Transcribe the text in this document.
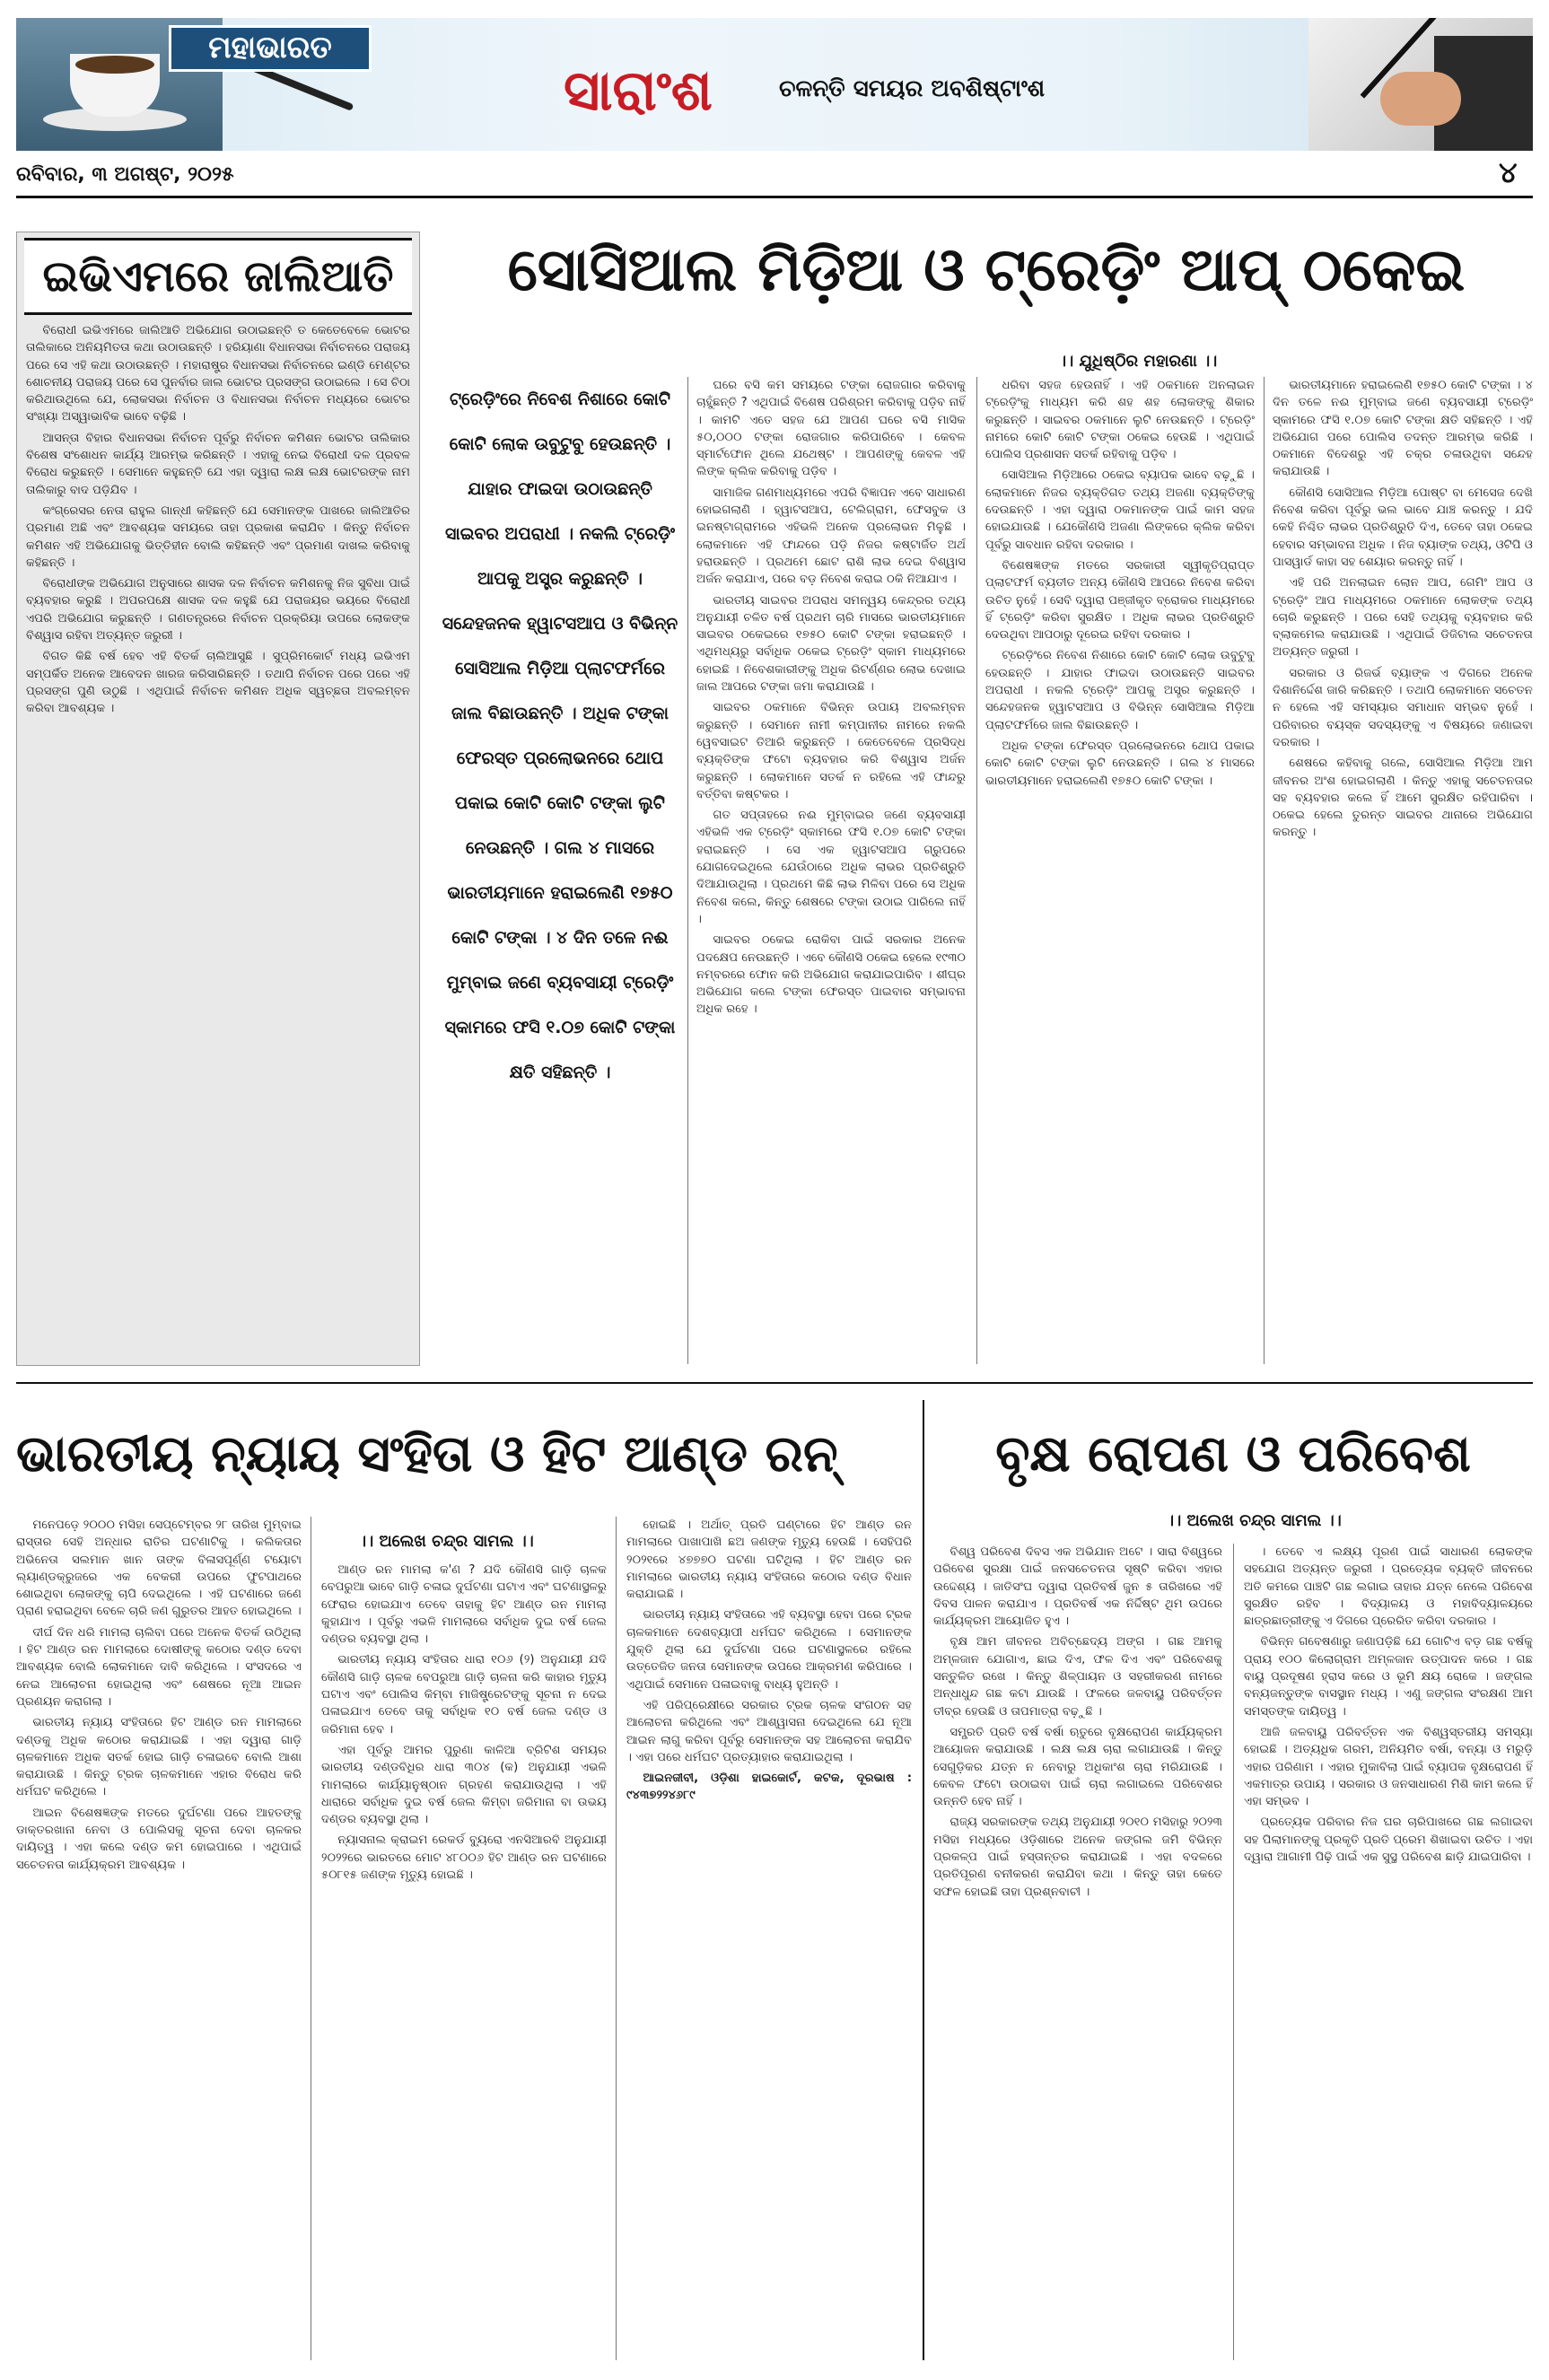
ମହାଭାରତ
ସାରାଂଶ	ଚଳନ୍ତି ସମୟର ଅବଶିଷ୍ଟାଂଶ
ରବିବାର, ୩ ଅଗଷ୍ଟ, ୨୦୨୫	୪
ଇଭିଏମରେ ଜାଲିଆତି

ବିରୋଧୀ ଇଭିଏମରେ ଜାଲିଆତି ଅଭିଯୋଗ ଉଠାଇଛନ୍ତି ତ କେତେବେଳେ ଭୋଟର ତାଲିକାରେ ଅନିୟମିତତା କଥା ଉଠାଉଛନ୍ତି । ହରିୟାଣା ବିଧାନସଭା ନିର୍ବାଚନରେ ପରାଜୟ ପରେ ସେ ଏହି କଥା ଉଠାଉଛନ୍ତି । ମହାରାଷ୍ଟ୍ର ବିଧାନସଭା ନିର୍ବାଚନରେ ଇଣ୍ଡି ମେଣ୍ଟର ଶୋଚନୀୟ ପରାଜୟ ପରେ ସେ ପୁନର୍ବାର ଜାଲ ଭୋଟର ପ୍ରସଙ୍ଗ ଉଠାଇଲେ । ସେ ଚିଠା କରିଥାଉଥିଲେ ଯେ, ଲୋକସଭା ନିର୍ବାଚନ ଓ ବିଧାନସଭା ନିର୍ବାଚନ ମଧ୍ୟରେ ଭୋଟର ସଂଖ୍ୟା ଅସ୍ୱାଭାବିକ ଭାବେ ବଢ଼ିଛି ।

ଆସନ୍ତା ବିହାର ବିଧାନସଭା ନିର୍ବାଚନ ପୂର୍ବରୁ ନିର୍ବାଚନ କମିଶନ ଭୋଟର ତାଲିକାର ବିଶେଷ ସଂଶୋଧନ କାର୍ଯ୍ୟ ଆରମ୍ଭ କରିଛନ୍ତି । ଏହାକୁ ନେଇ ବିରୋଧୀ ଦଳ ପ୍ରବଳ ବିରୋଧ କରୁଛନ୍ତି । ସେମାନେ କହୁଛନ୍ତି ଯେ ଏହା ଦ୍ୱାରା ଲକ୍ଷ ଲକ୍ଷ ଭୋଟରଙ୍କ ନାମ ତାଲିକାରୁ ବାଦ ପଡ଼ିଯିବ ।

କଂଗ୍ରେସର ନେତା ରାହୁଲ ଗାନ୍ଧୀ କହିଛନ୍ତି ଯେ ସେମାନଙ୍କ ପାଖରେ ଜାଲିଆତିର ପ୍ରମାଣ ଅଛି ଏବଂ ଆବଶ୍ୟକ ସମୟରେ ତାହା ପ୍ରକାଶ କରାଯିବ । କିନ୍ତୁ ନିର୍ବାଚନ କମିଶନ ଏହି ଅଭିଯୋଗକୁ ଭିତ୍ତିହୀନ ବୋଲି କହିଛନ୍ତି ଏବଂ ପ୍ରମାଣ ଦାଖଲ କରିବାକୁ କହିଛନ୍ତି ।

ବିରୋଧୀଙ୍କ ଅଭିଯୋଗ ଅନୁସାରେ ଶାସକ ଦଳ ନିର୍ବାଚନ କମିଶନକୁ ନିଜ ସୁବିଧା ପାଇଁ ବ୍ୟବହାର କରୁଛି । ଅପରପକ୍ଷେ ଶାସକ ଦଳ କହୁଛି ଯେ ପରାଜୟର ଭୟରେ ବିରୋଧୀ ଏପରି ଅଭିଯୋଗ କରୁଛନ୍ତି । ଗଣତନ୍ତ୍ରରେ ନିର୍ବାଚନ ପ୍ରକ୍ରିୟା ଉପରେ ଲୋକଙ୍କ ବିଶ୍ୱାସ ରହିବା ଅତ୍ୟନ୍ତ ଜରୁରୀ ।

ବିଗତ କିଛି ବର୍ଷ ହେବ ଏହି ବିତର୍କ ଚାଲିଆସୁଛି । ସୁପ୍ରିମକୋର୍ଟ ମଧ୍ୟ ଇଭିଏମ ସମ୍ପର୍କିତ ଅନେକ ଆବେଦନ ଖାରଜ କରିସାରିଛନ୍ତି । ତଥାପି ନିର୍ବାଚନ ପରେ ପରେ ଏହି ପ୍ରସଙ୍ଗ ପୁଣି ଉଠୁଛି । ଏଥିପାଇଁ ନିର୍ବାଚନ କମିଶନ ଅଧିକ ସ୍ୱଚ୍ଛତା ଅବଲମ୍ବନ କରିବା ଆବଶ୍ୟକ ।

ସୋସିଆଲ ମିଡ଼ିଆ ଓ ଟ୍ରେଡ଼ିଂ ଆପ୍ ଠକେଇ
।। ଯୁଧିଷ୍ଠିର ମହାରଣା ।।
ଟ୍ରେଡ଼ିଂରେ ନିବେଶ ନିଶାରେ କୋଟି କୋଟି ଲୋକ ଉବୁଟୁବୁ ହେଉଛନ୍ତି । ଯାହାର ଫାଇଦା ଉଠାଉଛନ୍ତି ସାଇବର ଅପରାଧୀ । ନକଲି ଟ୍ରେଡ଼ିଂ ଆପକୁ ଅସ୍ତ୍ର କରୁଛନ୍ତି । ସନ୍ଦେହଜନକ ହ୍ୱାଟସଆପ ଓ ବିଭିନ୍ନ ସୋସିଆଲ ମିଡ଼ିଆ ପ୍ଲାଟଫର୍ମରେ ଜାଲ ବିଛାଉଛନ୍ତି । ଅଧିକ ଟଙ୍କା ଫେରସ୍ତ ପ୍ରଲୋଭନରେ ଥୋପ ପକାଇ କୋଟି କୋଟି ଟଙ୍କା ଲୁଟି ନେଉଛନ୍ତି । ଗଲ ୪ ମାସରେ ଭାରତୀୟମାନେ ହରାଇଲେଣି ୧୭୫୦ କୋଟି ଟଙ୍କା । ୪ ଦିନ ତଳେ ନଈ ମୁମ୍ବାଇ ଜଣେ ବ୍ୟବସାୟୀ ଟ୍ରେଡ଼ିଂ ସ୍କାମରେ ଫସି ୧.୦୭ କୋଟି ଟଙ୍କା କ୍ଷତି ସହିଛନ୍ତି ।

ଘରେ ବସି କମ ସମୟରେ ଟଙ୍କା ରୋଜଗାର କରିବାକୁ ଚାହୁଁଛନ୍ତି ? ଏଥିପାଇଁ ବିଶେଷ ପରିଶ୍ରମ କରିବାକୁ ପଡ଼ିବ ନାହିଁ । କାମଟି ଏତେ ସହଜ ଯେ ଆପଣ ଘରେ ବସି ମାସିକ ୫୦,୦୦୦ ଟଙ୍କା ରୋଜଗାର କରିପାରିବେ । କେବଳ ସ୍ମାର୍ଟଫୋନ ଥିଲେ ଯଥେଷ୍ଟ । ଆପଣଙ୍କୁ କେବଳ ଏହି ଲିଙ୍କ କ୍ଲିକ କରିବାକୁ ପଡ଼ିବ ।

ସାମାଜିକ ଗଣମାଧ୍ୟମରେ ଏପରି ବିଜ୍ଞାପନ ଏବେ ସାଧାରଣ ହୋଇଗଲାଣି । ହ୍ୱାଟସଆପ, ଟେଲିଗ୍ରାମ, ଫେସବୁକ ଓ ଇନଷ୍ଟାଗ୍ରାମରେ ଏହିଭଳି ଅନେକ ପ୍ରଲୋଭନ ମିଳୁଛି । ଲୋକମାନେ ଏହି ଫାନ୍ଦରେ ପଡ଼ି ନିଜର କଷ୍ଟାର୍ଜିତ ଅର୍ଥ ହରାଉଛନ୍ତି । ପ୍ରଥମେ ଛୋଟ ରାଶି ଲାଭ ଦେଇ ବିଶ୍ୱାସ ଅର୍ଜନ କରାଯାଏ, ପରେ ବଡ଼ ନିବେଶ କରାଇ ଠକି ନିଆଯାଏ ।

ଭାରତୀୟ ସାଇବର ଅପରାଧ ସମନ୍ୱୟ କେନ୍ଦ୍ରର ତଥ୍ୟ ଅନୁଯାୟୀ ଚଳିତ ବର୍ଷ ପ୍ରଥମ ଚାରି ମାସରେ ଭାରତୀୟମାନେ ସାଇବର ଠକେଇରେ ୧୭୫୦ କୋଟି ଟଙ୍କା ହରାଇଛନ୍ତି । ଏଥିମଧ୍ୟରୁ ସର୍ବାଧିକ ଠକେଇ ଟ୍ରେଡ଼ିଂ ସ୍କାମ ମାଧ୍ୟମରେ ହୋଇଛି । ନିବେଶକାରୀଙ୍କୁ ଅଧିକ ରିଟର୍ଣ୍ଣର ଲୋଭ ଦେଖାଇ ଜାଲ ଆପରେ ଟଙ୍କା ଜମା କରାଯାଉଛି ।

ସାଇବର ଠକମାନେ ବିଭିନ୍ନ ଉପାୟ ଅବଲମ୍ବନ କରୁଛନ୍ତି । ସେମାନେ ନାମୀ କମ୍ପାନୀର ନାମରେ ନକଲି ୱେବସାଇଟ ତିଆରି କରୁଛନ୍ତି । କେତେବେଳେ ପ୍ରସିଦ୍ଧ ବ୍ୟକ୍ତିଙ୍କ ଫଟୋ ବ୍ୟବହାର କରି ବିଶ୍ୱାସ ଅର୍ଜନ କରୁଛନ୍ତି । ଲୋକମାନେ ସତର୍କ ନ ରହିଲେ ଏହି ଫାନ୍ଦରୁ ବର୍ତ୍ତିବା କଷ୍ଟକର ।

ଗତ ସପ୍ତାହରେ ନଈ ମୁମ୍ବାଇର ଜଣେ ବ୍ୟବସାୟୀ ଏହିଭଳି ଏକ ଟ୍ରେଡ଼ିଂ ସ୍କାମରେ ଫସି ୧.୦୭ କୋଟି ଟଙ୍କା ହରାଇଛନ୍ତି । ସେ ଏକ ହ୍ୱାଟସଆପ ଗ୍ରୁପରେ ଯୋଗଦେଇଥିଲେ ଯେଉଁଠାରେ ଅଧିକ ଲାଭର ପ୍ରତିଶ୍ରୁତି ଦିଆଯାଉଥିଲା । ପ୍ରଥମେ କିଛି ଲାଭ ମିଳିବା ପରେ ସେ ଅଧିକ ନିବେଶ କଲେ, କିନ୍ତୁ ଶେଷରେ ଟଙ୍କା ଉଠାଇ ପାରିଲେ ନାହିଁ ।

ସାଇବର ଠକେଇ ରୋକିବା ପାଇଁ ସରକାର ଅନେକ ପଦକ୍ଷେପ ନେଉଛନ୍ତି । ଏବେ କୌଣସି ଠକେଇ ହେଲେ ୧୯୩୦ ନମ୍ବରରେ ଫୋନ କରି ଅଭିଯୋଗ କରାଯାଇପାରିବ । ଶୀଘ୍ର ଅଭିଯୋଗ କଲେ ଟଙ୍କା ଫେରସ୍ତ ପାଇବାର ସମ୍ଭାବନା ଅଧିକ ରହେ ।

ଧରିବା ସହଜ ହେଉନାହିଁ । ଏହି ଠକମାନେ ଅନଲାଇନ ଟ୍ରେଡ଼ିଂକୁ ମାଧ୍ୟମ କରି ଶହ ଶହ ଲୋକଙ୍କୁ ଶିକାର କରୁଛନ୍ତି । ସାଇବର ଠକମାନେ ଲୁଟି ନେଉଛନ୍ତି । ଟ୍ରେଡ଼ିଂ ନାମରେ କୋଟି କୋଟି ଟଙ୍କା ଠକେଇ ହେଉଛି । ଏଥିପାଇଁ ପୋଲିସ ପ୍ରଶାସନ ସତର୍କ ରହିବାକୁ ପଡ଼ିବ ।

ସୋସିଆଲ ମିଡ଼ିଆରେ ଠକେଇ ବ୍ୟାପକ ଭାବେ ବଢ଼ୁଛି । ଲୋକମାନେ ନିଜର ବ୍ୟକ୍ତିଗତ ତଥ୍ୟ ଅଜଣା ବ୍ୟକ୍ତିଙ୍କୁ ଦେଉଛନ୍ତି । ଏହା ଦ୍ୱାରା ଠକମାନଙ୍କ ପାଇଁ କାମ ସହଜ ହୋଇଯାଉଛି । ଯେକୌଣସି ଅଜଣା ଲିଙ୍କରେ କ୍ଲିକ କରିବା ପୂର୍ବରୁ ସାବଧାନ ରହିବା ଦରକାର ।

ବିଶେଷଜ୍ଞଙ୍କ ମତରେ ସରକାରୀ ସ୍ୱୀକୃତିପ୍ରାପ୍ତ ପ୍ଲାଟଫର୍ମ ବ୍ୟତୀତ ଅନ୍ୟ କୌଣସି ଆପରେ ନିବେଶ କରିବା ଉଚିତ ନୁହେଁ । ସେବି ଦ୍ୱାରା ପଞ୍ଜୀକୃତ ବ୍ରୋକର ମାଧ୍ୟମରେ ହିଁ ଟ୍ରେଡ଼ିଂ କରିବା ସୁରକ୍ଷିତ । ଅଧିକ ଲାଭର ପ୍ରତିଶ୍ରୁତି ଦେଉଥିବା ଆପଠାରୁ ଦୂରେଇ ରହିବା ଦରକାର ।

ଟ୍ରେଡ଼ିଂରେ ନିବେଶ ନିଶାରେ କୋଟି କୋଟି ଲୋକ ଉବୁଟୁବୁ ହେଉଛନ୍ତି । ଯାହାର ଫାଇଦା ଉଠାଉଛନ୍ତି ସାଇବର ଅପରାଧୀ । ନକଲି ଟ୍ରେଡ଼ିଂ ଆପକୁ ଅସ୍ତ୍ର କରୁଛନ୍ତି । ସନ୍ଦେହଜନକ ହ୍ୱାଟସଆପ ଓ ବିଭିନ୍ନ ସୋସିଆଲ ମିଡ଼ିଆ ପ୍ଲାଟଫର୍ମରେ ଜାଲ ବିଛାଉଛନ୍ତି ।

ଅଧିକ ଟଙ୍କା ଫେରସ୍ତ ପ୍ରଲୋଭନରେ ଥୋପ ପକାଇ କୋଟି କୋଟି ଟଙ୍କା ଲୁଟି ନେଉଛନ୍ତି । ଗଲ ୪ ମାସରେ ଭାରତୀୟମାନେ ହରାଇଲେଣି ୧୭୫୦ କୋଟି ଟଙ୍କା ।

ଭାରତୀୟମାନେ ହରାଇଲେଣି ୧୭୫୦ କୋଟି ଟଙ୍କା । ୪ ଦିନ ତଳେ ନଈ ମୁମ୍ବାଇ ଜଣେ ବ୍ୟବସାୟୀ ଟ୍ରେଡ଼ିଂ ସ୍କାମରେ ଫସି ୧.୦୭ କୋଟି ଟଙ୍କା କ୍ଷତି ସହିଛନ୍ତି । ଏହି ଅଭିଯୋଗ ପରେ ପୋଲିସ ତଦନ୍ତ ଆରମ୍ଭ କରିଛି । ଠକମାନେ ବିଦେଶରୁ ଏହି ଚକ୍ର ଚଳାଉଥିବା ସନ୍ଦେହ କରାଯାଉଛି ।

କୌଣସି ସୋସିଆଲ ମିଡ଼ିଆ ପୋଷ୍ଟ ବା ମେସେଜ ଦେଖି ନିବେଶ କରିବା ପୂର୍ବରୁ ଭଲ ଭାବେ ଯାଞ୍ଚ କରନ୍ତୁ । ଯଦି କେହି ନିଶ୍ଚିତ ଲାଭର ପ୍ରତିଶ୍ରୁତି ଦିଏ, ତେବେ ତାହା ଠକେଇ ହେବାର ସମ୍ଭାବନା ଅଧିକ । ନିଜ ବ୍ୟାଙ୍କ ତଥ୍ୟ, ଓଟିପି ଓ ପାସୱାର୍ଡ କାହା ସହ ଶେୟାର କରନ୍ତୁ ନାହିଁ ।

ଏହି ପରି ଅନଲାଇନ ଲୋନ ଆପ, ଗେମିଂ ଆପ ଓ ଟ୍ରେଡ଼ିଂ ଆପ ମାଧ୍ୟମରେ ଠକମାନେ ଲୋକଙ୍କ ତଥ୍ୟ ଚୋରି କରୁଛନ୍ତି । ପରେ ସେହି ତଥ୍ୟକୁ ବ୍ୟବହାର କରି ବ୍ଲାକମେଲ କରାଯାଉଛି । ଏଥିପାଇଁ ଡିଜିଟାଲ ସଚେତନତା ଅତ୍ୟନ୍ତ ଜରୁରୀ ।

ସରକାର ଓ ରିଜର୍ଭ ବ୍ୟାଙ୍କ ଏ ଦିଗରେ ଅନେକ ଦିଶାନିର୍ଦ୍ଦେଶ ଜାରି କରିଛନ୍ତି । ତଥାପି ଲୋକମାନେ ସଚେତନ ନ ହେଲେ ଏହି ସମସ୍ୟାର ସମାଧାନ ସମ୍ଭବ ନୁହେଁ । ପରିବାରର ବୟସ୍କ ସଦସ୍ୟଙ୍କୁ ଏ ବିଷୟରେ ଜଣାଇବା ଦରକାର ।

ଶେଷରେ କହିବାକୁ ଗଲେ, ସୋସିଆଲ ମିଡ଼ିଆ ଆମ ଜୀବନର ଅଂଶ ହୋଇଗଲାଣି । କିନ୍ତୁ ଏହାକୁ ସଚେତନତାର ସହ ବ୍ୟବହାର କଲେ ହିଁ ଆମେ ସୁରକ୍ଷିତ ରହିପାରିବା । ଠକେଇ ହେଲେ ତୁରନ୍ତ ସାଇବର ଥାନାରେ ଅଭିଯୋଗ କରନ୍ତୁ ।

ଭାରତୀୟ ନ୍ୟାୟ ସଂହିତା ଓ ହିଟ ଆଣ୍ଡ ରନ୍

ମନେପଡ଼େ ୨୦୦୦ ମସିହା ସେପ୍ଟେମ୍ବର ୨୮ ତାରିଖ ମୁମ୍ବାଇ ରାସ୍ତାର ସେହି ଅନ୍ଧାର ରାତିର ଘଟଣାଟିକୁ । କଲିକତାର ଅଭିନେତା ସଲମାନ ଖାନ ତାଙ୍କ ବିଳାସପୂର୍ଣ୍ଣ ଟୟୋଟା ଲ୍ୟାଣ୍ଡକ୍ରୁଜରେ ଏକ ବେକରୀ ଉପରେ ଫୁଟପାଥରେ ଶୋଇଥିବା ଲୋକଙ୍କୁ ଚାପି ଦେଇଥିଲେ । ଏହି ଘଟଣାରେ ଜଣେ ପ୍ରାଣ ହରାଇଥିବା ବେଳେ ଚାରି ଜଣ ଗୁରୁତର ଆହତ ହୋଇଥିଲେ ।

ଦୀର୍ଘ ଦିନ ଧରି ମାମଲା ଚାଲିବା ପରେ ଅନେକ ବିତର୍କ ଉଠିଥିଲା । ହିଟ ଆଣ୍ଡ ରନ ମାମଲାରେ ଦୋଷୀଙ୍କୁ କଠୋର ଦଣ୍ଡ ଦେବା ଆବଶ୍ୟକ ବୋଲି ଲୋକମାନେ ଦାବି କରିଥିଲେ । ସଂସଦରେ ଏ ନେଇ ଆଲୋଚନା ହୋଇଥିଲା ଏବଂ ଶେଷରେ ନୂଆ ଆଇନ ପ୍ରଣୟନ କରାଗଲା ।

ଭାରତୀୟ ନ୍ୟାୟ ସଂହିତାରେ ହିଟ ଆଣ୍ଡ ରନ ମାମଲାରେ ଦଣ୍ଡକୁ ଅଧିକ କଠୋର କରାଯାଇଛି । ଏହା ଦ୍ୱାରା ଗାଡ଼ି ଚାଳକମାନେ ଅଧିକ ସତର୍କ ହୋଇ ଗାଡ଼ି ଚଳାଇବେ ବୋଲି ଆଶା କରାଯାଉଛି । କିନ୍ତୁ ଟ୍ରକ ଚାଳକମାନେ ଏହାର ବିରୋଧ କରି ଧର୍ମଘଟ କରିଥିଲେ ।

ଆଇନ ବିଶେଷଜ୍ଞଙ୍କ ମତରେ ଦୁର୍ଘଟଣା ପରେ ଆହତଙ୍କୁ ଡାକ୍ତରଖାନା ନେବା ଓ ପୋଲିସକୁ ସୂଚନା ଦେବା ଚାଳକର ଦାୟିତ୍ୱ । ଏହା କଲେ ଦଣ୍ଡ କମ ହୋଇପାରେ । ଏଥିପାଇଁ ସଚେତନତା କାର୍ଯ୍ୟକ୍ରମ ଆବଶ୍ୟକ ।

।। ଅଲେଖ ଚନ୍ଦ୍ର ସାମଲ ।।

ଆଣ୍ଡ ରନ ମାମଲା କ'ଣ ? ଯଦି କୌଣସି ଗାଡ଼ି ଚାଳକ ବେପରୁଆ ଭାବେ ଗାଡ଼ି ଚଳାଇ ଦୁର୍ଘଟଣା ଘଟାଏ ଏବଂ ଘଟଣାସ୍ଥଳରୁ ଫେରାର ହୋଇଯାଏ ତେବେ ତାହାକୁ ହିଟ ଆଣ୍ଡ ରନ ମାମଲା କୁହାଯାଏ । ପୂର୍ବରୁ ଏଭଳି ମାମଲାରେ ସର୍ବାଧିକ ଦୁଇ ବର୍ଷ ଜେଲ ଦଣ୍ଡର ବ୍ୟବସ୍ଥା ଥିଲା ।

ଭାରତୀୟ ନ୍ୟାୟ ସଂହିତାର ଧାରା ୧୦୬ (୨) ଅନୁଯାୟୀ ଯଦି କୌଣସି ଗାଡ଼ି ଚାଳକ ବେପରୁଆ ଗାଡ଼ି ଚାଳନା କରି କାହାର ମୃତ୍ୟୁ ଘଟାଏ ଏବଂ ପୋଲିସ କିମ୍ବା ମାଜିଷ୍ଟ୍ରେଟଙ୍କୁ ସୂଚନା ନ ଦେଇ ପଳାଇଯାଏ ତେବେ ତାକୁ ସର୍ବାଧିକ ୧୦ ବର୍ଷ ଜେଲ ଦଣ୍ଡ ଓ ଜରିମାନା ହେବ ।

ଏହା ପୂର୍ବରୁ ଆମର ପୁରୁଣା କାଳିଆ ବ୍ରିଟିଶ ସମୟର ଭାରତୀୟ ଦଣ୍ଡବିଧିର ଧାରା ୩୦୪ (କ) ଅନୁଯାୟୀ ଏଭଳି ମାମଲାରେ କାର୍ଯ୍ୟାନୁଷ୍ଠାନ ଗ୍ରହଣ କରାଯାଉଥିଲା । ଏହି ଧାରାରେ ସର୍ବାଧିକ ଦୁଇ ବର୍ଷ ଜେଲ କିମ୍ବା ଜରିମାନା ବା ଉଭୟ ଦଣ୍ଡର ବ୍ୟବସ୍ଥା ଥିଲା ।

ନ୍ୟାସନାଲ କ୍ରାଇମ ରେକର୍ଡ ବ୍ୟୁରୋ ଏନସିଆରବି ଅନୁଯାୟୀ ୨୦୨୨ରେ ଭାରତରେ ମୋଟ ୪୮୦୦୬ ହିଟ ଆଣ୍ଡ ରନ ଘଟଣାରେ ୫୦୮୧୫ ଜଣଙ୍କ ମୃତ୍ୟୁ ହୋଇଛି ।

ହୋଇଛି । ଅର୍ଥାତ୍ ପ୍ରତି ଘଣ୍ଟାରେ ହିଟ ଆଣ୍ଡ ରନ ମାମଲାରେ ପାଖାପାଖି ଛଅ ଜଣଙ୍କ ମୃତ୍ୟୁ ହେଉଛି । ସେହିପରି ୨୦୨୧ରେ ୪୭୭୭୦ ଘଟଣା ଘଟିଥିଲା । ହିଟ ଆଣ୍ଡ ରନ ମାମଲାରେ ଭାରତୀୟ ନ୍ୟାୟ ସଂହିତାରେ କଠୋର ଦଣ୍ଡ ବିଧାନ କରାଯାଇଛି ।

ଭାରତୀୟ ନ୍ୟାୟ ସଂହିତାରେ ଏହି ବ୍ୟବସ୍ଥା ହେବା ପରେ ଟ୍ରକ ଚାଳକମାନେ ଦେଶବ୍ୟାପୀ ଧର୍ମଘଟ କରିଥିଲେ । ସେମାନଙ୍କ ଯୁକ୍ତି ଥିଲା ଯେ ଦୁର୍ଘଟଣା ପରେ ଘଟଣାସ୍ଥଳରେ ରହିଲେ ଉତ୍ତେଜିତ ଜନତା ସେମାନଙ୍କ ଉପରେ ଆକ୍ରମଣ କରିପାରେ । ଏଥିପାଇଁ ସେମାନେ ପଳାଇବାକୁ ବାଧ୍ୟ ହୁଅନ୍ତି ।

ଏହି ପରିପ୍ରେକ୍ଷୀରେ ସରକାର ଟ୍ରକ ଚାଳକ ସଂଗଠନ ସହ ଆଲୋଚନା କରିଥିଲେ ଏବଂ ଆଶ୍ୱାସନା ଦେଇଥିଲେ ଯେ ନୂଆ ଆଇନ ଲାଗୁ କରିବା ପୂର୍ବରୁ ସେମାନଙ୍କ ସହ ଆଲୋଚନା କରାଯିବ । ଏହା ପରେ ଧର୍ମଘଟ ପ୍ରତ୍ୟାହାର କରାଯାଇଥିଲା ।

ଆଇନଜୀବୀ, ଓଡ଼ିଶା ହାଇକୋର୍ଟ, କଟକ, ଦୂରଭାଷ : ୯୪୩୭୨୨୪୬୮୯

ବୃକ୍ଷ ରୋପଣ ଓ ପରିବେଶ
।। ଅଲେଖ ଚନ୍ଦ୍ର ସାମଲ ।।

ବିଶ୍ୱ ପରିବେଶ ଦିବସ ଏକ ଅଭିଯାନ ଅଟେ । ସାରା ବିଶ୍ୱରେ ପରିବେଶ ସୁରକ୍ଷା ପାଇଁ ଜନସଚେତନତା ସୃଷ୍ଟି କରିବା ଏହାର ଉଦ୍ଦେଶ୍ୟ । ଜାତିସଂଘ ଦ୍ୱାରା ପ୍ରତିବର୍ଷ ଜୁନ ୫ ତାରିଖରେ ଏହି ଦିବସ ପାଳନ କରାଯାଏ । ପ୍ରତିବର୍ଷ ଏକ ନିର୍ଦ୍ଦିଷ୍ଟ ଥିମ ଉପରେ କାର୍ଯ୍ୟକ୍ରମ ଆୟୋଜିତ ହୁଏ ।

ବୃକ୍ଷ ଆମ ଜୀବନର ଅବିଚ୍ଛେଦ୍ୟ ଅଙ୍ଗ । ଗଛ ଆମକୁ ଅମ୍ଳଜାନ ଯୋଗାଏ, ଛାଇ ଦିଏ, ଫଳ ଦିଏ ଏବଂ ପରିବେଶକୁ ସନ୍ତୁଳିତ ରଖେ । କିନ୍ତୁ ଶିଳ୍ପାୟନ ଓ ସହରୀକରଣ ନାମରେ ଅନ୍ଧାଧୁନ୍ଦ ଗଛ କଟା ଯାଉଛି । ଫଳରେ ଜଳବାୟୁ ପରିବର୍ତ୍ତନ ତୀବ୍ର ହେଉଛି ଓ ତାପମାତ୍ରା ବଢ଼ୁଛି ।

ସମ୍ପ୍ରତି ପ୍ରତି ବର୍ଷ ବର୍ଷା ଋତୁରେ ବୃକ୍ଷରୋପଣ କାର୍ଯ୍ୟକ୍ରମ ଆୟୋଜନ କରାଯାଉଛି । ଲକ୍ଷ ଲକ୍ଷ ଚାରା ଲଗାଯାଉଛି । କିନ୍ତୁ ସେଗୁଡ଼ିକର ଯତ୍ନ ନ ନେବାରୁ ଅଧିକାଂଶ ଚାରା ମରିଯାଉଛି । କେବଳ ଫଟୋ ଉଠାଇବା ପାଇଁ ଚାରା ଲଗାଇଲେ ପରିବେଶର ଉନ୍ନତି ହେବ ନାହିଁ ।

ରାଜ୍ୟ ସରକାରଙ୍କ ତଥ୍ୟ ଅନୁଯାୟୀ ୨୦୧୦ ମସିହାରୁ ୨୦୨୩ ମସିହା ମଧ୍ୟରେ ଓଡ଼ିଶାରେ ଅନେକ ଜଙ୍ଗଲ ଜମି ବିଭିନ୍ନ ପ୍ରକଳ୍ପ ପାଇଁ ହସ୍ତାନ୍ତର କରାଯାଇଛି । ଏହା ବଦଳରେ ପ୍ରତିପୂରଣ ବନୀକରଣ କରାଯିବା କଥା । କିନ୍ତୁ ତାହା କେତେ ସଫଳ ହୋଇଛି ତାହା ପ୍ରଶ୍ନବାଚୀ ।

। ତେବେ ଏ ଲକ୍ଷ୍ୟ ପୂରଣ ପାଇଁ ସାଧାରଣ ଲୋକଙ୍କ ସହଯୋଗ ଅତ୍ୟନ୍ତ ଜରୁରୀ । ପ୍ରତ୍ୟେକ ବ୍ୟକ୍ତି ଜୀବନରେ ଅତି କମରେ ପାଞ୍ଚଟି ଗଛ ଲଗାଇ ତାହାର ଯତ୍ନ ନେଲେ ପରିବେଶ ସୁରକ୍ଷିତ ରହିବ । ବିଦ୍ୟାଳୟ ଓ ମହାବିଦ୍ୟାଳୟରେ ଛାତ୍ରଛାତ୍ରୀଙ୍କୁ ଏ ଦିଗରେ ପ୍ରେରିତ କରିବା ଦରକାର ।

ବିଭିନ୍ନ ଗବେଷଣାରୁ ଜଣାପଡ଼ିଛି ଯେ ଗୋଟିଏ ବଡ଼ ଗଛ ବର୍ଷକୁ ପ୍ରାୟ ୧୦୦ କିଲୋଗ୍ରାମ ଅମ୍ଳଜାନ ଉତ୍ପାଦନ କରେ । ଗଛ ବାୟୁ ପ୍ରଦୂଷଣ ହ୍ରାସ କରେ ଓ ଭୂମି କ୍ଷୟ ରୋକେ । ଜଙ୍ଗଲ ବନ୍ୟଜନ୍ତୁଙ୍କ ବାସସ୍ଥାନ ମଧ୍ୟ । ଏଣୁ ଜଙ୍ଗଲ ସଂରକ୍ଷଣ ଆମ ସମସ୍ତଙ୍କ ଦାୟିତ୍ୱ ।

ଆଜି ଜଳବାୟୁ ପରିବର୍ତ୍ତନ ଏକ ବିଶ୍ୱସ୍ତରୀୟ ସମସ୍ୟା ହୋଇଛି । ଅତ୍ୟଧିକ ଗରମ, ଅନିୟମିତ ବର୍ଷା, ବନ୍ୟା ଓ ମରୁଡ଼ି ଏହାର ପରିଣାମ । ଏହାର ମୁକାବିଲା ପାଇଁ ବ୍ୟାପକ ବୃକ୍ଷରୋପଣ ହିଁ ଏକମାତ୍ର ଉପାୟ । ସରକାର ଓ ଜନସାଧାରଣ ମିଶି କାମ କଲେ ହିଁ ଏହା ସମ୍ଭବ ।

ପ୍ରତ୍ୟେକ ପରିବାର ନିଜ ଘର ଚାରିପାଖରେ ଗଛ ଲଗାଇବା ସହ ପିଲାମାନଙ୍କୁ ପ୍ରକୃତି ପ୍ରତି ପ୍ରେମ ଶିଖାଇବା ଉଚିତ । ଏହା ଦ୍ୱାରା ଆଗାମୀ ପିଢ଼ି ପାଇଁ ଏକ ସୁସ୍ଥ ପରିବେଶ ଛାଡ଼ି ଯାଇପାରିବା ।
